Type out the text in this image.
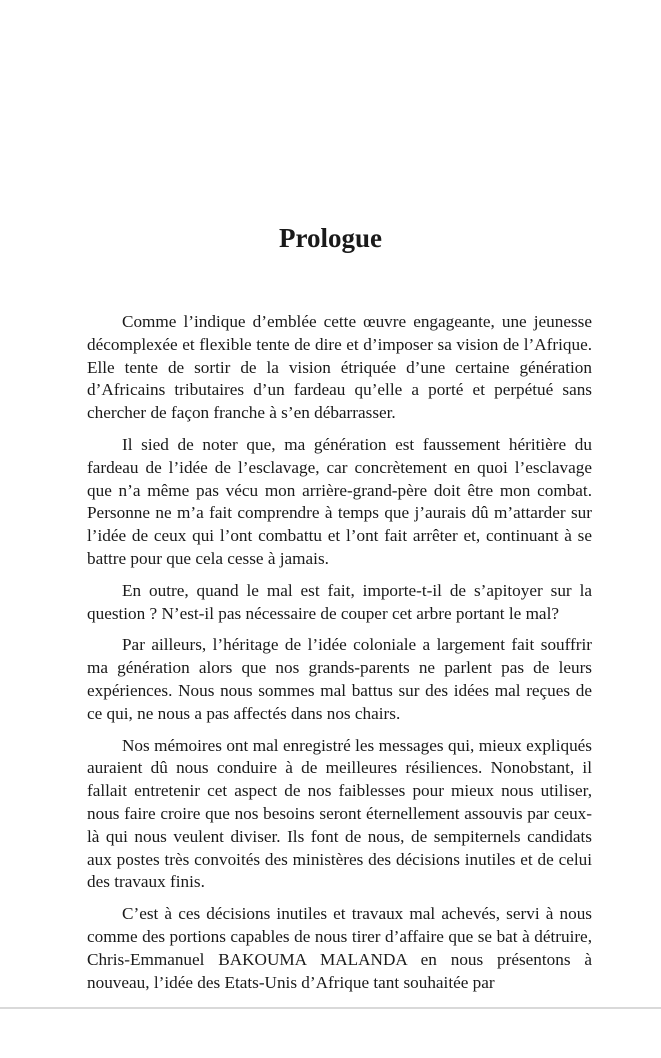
Prologue

Comme l’indique d’emblée cette œuvre engageante, une jeunesse décomplexée et flexible tente de dire et d’imposer sa vision de l’Afrique. Elle tente de sortir de la vision étriquée d’une certaine génération d’Africains tributaires d’un fardeau qu’elle a porté et perpétué sans chercher de façon franche à s’en débarrasser.

Il sied de noter que, ma génération est faussement héritière du fardeau de l’idée de l’esclavage, car concrètement en quoi l’esclavage que n’a même pas vécu mon arrière-grand-père doit être mon combat. Personne ne m’a fait comprendre à temps que j’aurais dû m’attarder sur l’idée de ceux qui l’ont combattu et l’ont fait arrêter et, continuant à se battre pour que cela cesse à jamais.

En outre, quand le mal est fait, importe-t-il de s’apitoyer sur la question ? N’est-il pas nécessaire de couper cet arbre portant le mal?

Par ailleurs, l’héritage de l’idée coloniale a largement fait souffrir ma génération alors que nos grands-parents ne parlent pas de leurs expériences. Nous nous sommes mal battus sur des idées mal reçues de ce qui, ne nous a pas affectés dans nos chairs.

Nos mémoires ont mal enregistré les messages qui, mieux expliqués auraient dû nous conduire à de meilleures résiliences. Nonobstant, il fallait entretenir cet aspect de nos faiblesses pour mieux nous utiliser, nous faire croire que nos besoins seront éternellement assouvis par ceux-là qui nous veulent diviser. Ils font de nous, de sempiternels candidats aux postes très convoités des ministères des décisions inutiles et de celui des travaux finis.

C’est à ces décisions inutiles et travaux mal achevés, servi à nous comme des portions capables de nous tirer d’affaire que se bat à détruire, Chris-Emmanuel BAKOUMA MALANDA en nous présentons à nouveau, l’idée des Etats-Unis d’Afrique tant souhaitée par
